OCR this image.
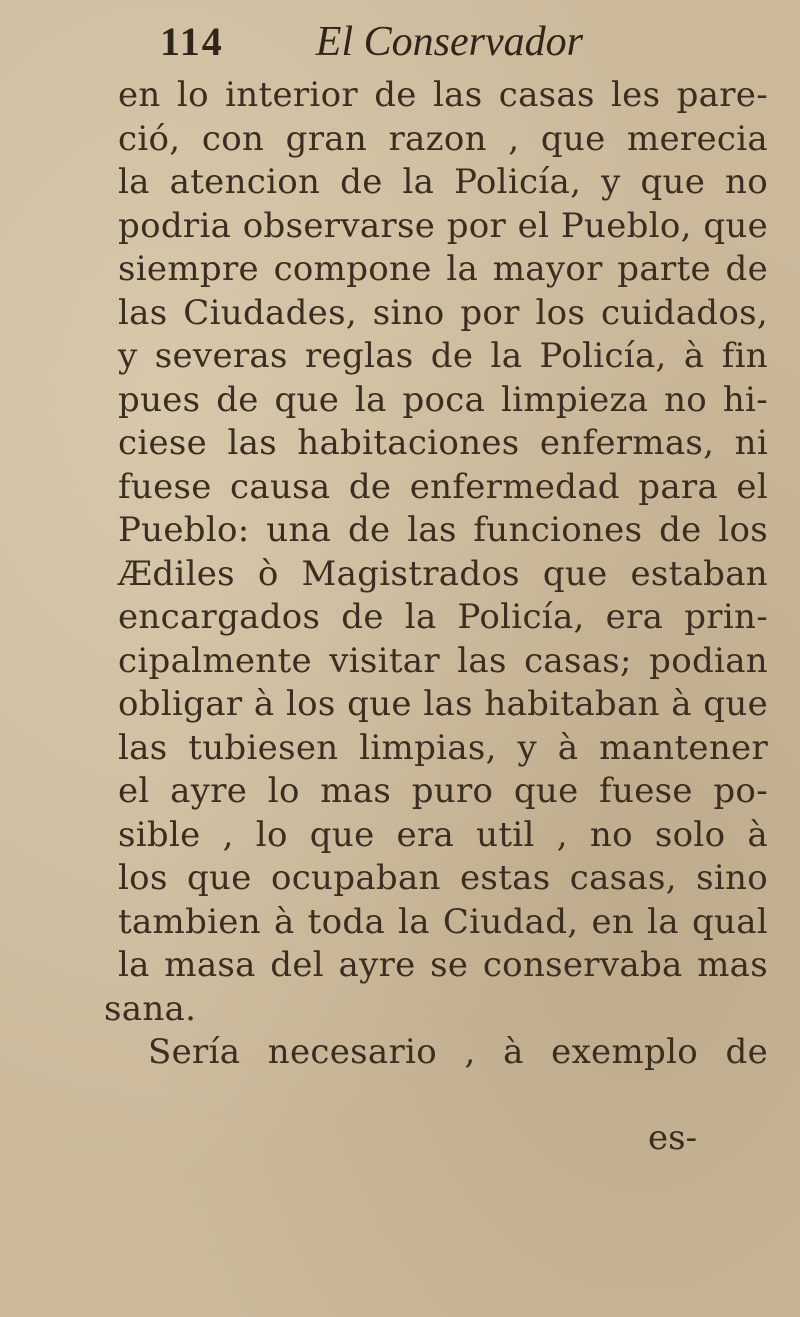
114 El Conservador
en lo interior de las casas les pare-
ció, con gran razon , que merecia
la atencion de la Policía, y que no
podria observarse por el Pueblo, que
siempre compone la mayor parte de
las Ciudades, sino por los cuidados,
y severas reglas de la Policía, à fin
pues de que la poca limpieza no hi-
ciese las habitaciones enfermas, ni
fuese causa de enfermedad para el
Pueblo: una de las funciones de los
Ædiles ò Magistrados que estaban
encargados de la Policía, era prin-
cipalmente visitar las casas; podian
obligar à los que las habitaban à que
las tubiesen limpias, y à mantener
el ayre lo mas puro que fuese po-
sible , lo que era util , no solo à
los que ocupaban estas casas, sino
tambien à toda la Ciudad, en la qual
la masa del ayre se conservaba mas
sana.
Sería necesario , à exemplo de
es-
